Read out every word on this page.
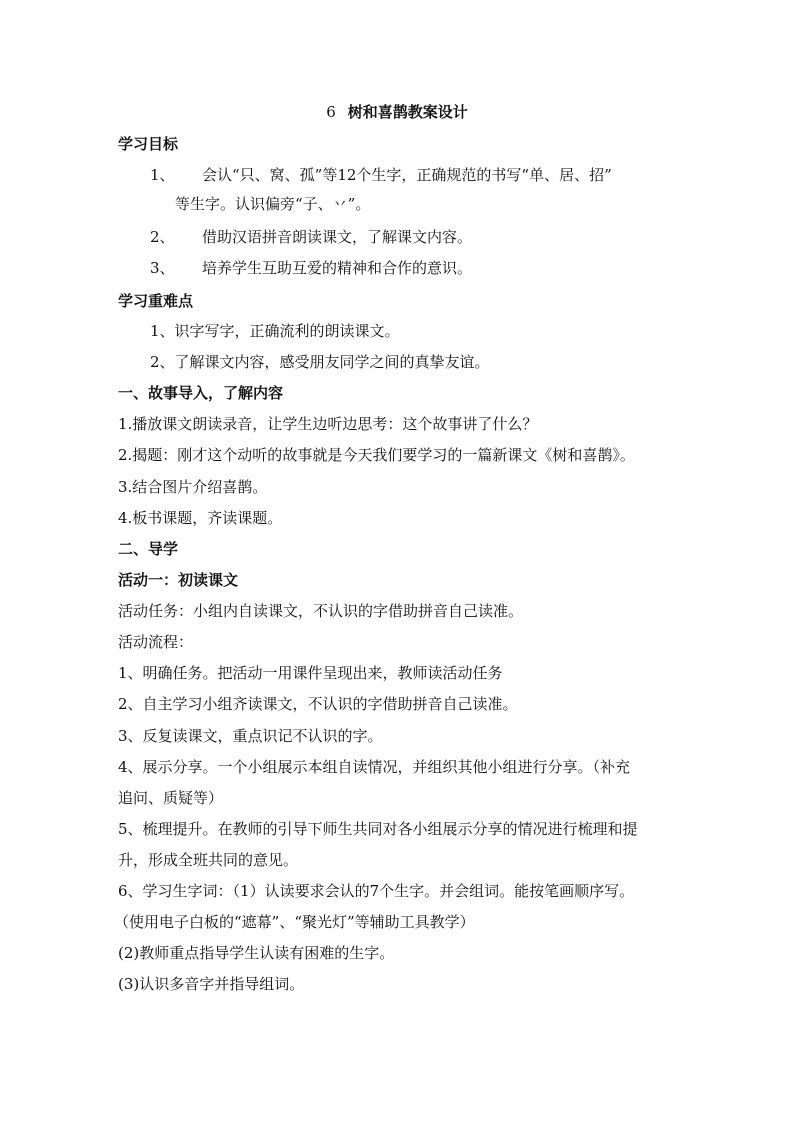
6 树和喜鹊教案设计
学习目标
1、 会认“只、窝、孤”等12个生字，正确规范的书写“单、居、招”
等生字。认识偏旁“子、丷”。
2、 借助汉语拼音朗读课文，了解课文内容。
3、 培养学生互助互爱的精神和合作的意识。
学习重难点
1、识字写字，正确流利的朗读课文。
2、了解课文内容，感受朋友同学之间的真挚友谊。
一、故事导入，了解内容
1.播放课文朗读录音，让学生边听边思考：这个故事讲了什么？
2.揭题：刚才这个动听的故事就是今天我们要学习的一篇新课文《树和喜鹊》。
3.结合图片介绍喜鹊。
4.板书课题，齐读课题。
二、导学
活动一：初读课文
活动任务：小组内自读课文，不认识的字借助拼音自己读准。
活动流程：
1、明确任务。把活动一用课件呈现出来，教师读活动任务
2、自主学习小组齐读课文，不认识的字借助拼音自己读准。
3、反复读课文，重点识记不认识的字。
4、展示分享。一个小组展示本组自读情况，并组织其他小组进行分享。（补充
追问、质疑等）
5、梳理提升。在教师的引导下师生共同对各小组展示分享的情况进行梳理和提
升，形成全班共同的意见。
6、学习生字词：（1）认读要求会认的7个生字。并会组词。能按笔画顺序写。
（使用电子白板的“遮幕”、“聚光灯”等辅助工具教学）
(2)教师重点指导学生认读有困难的生字。
(3)认识多音字并指导组词。
